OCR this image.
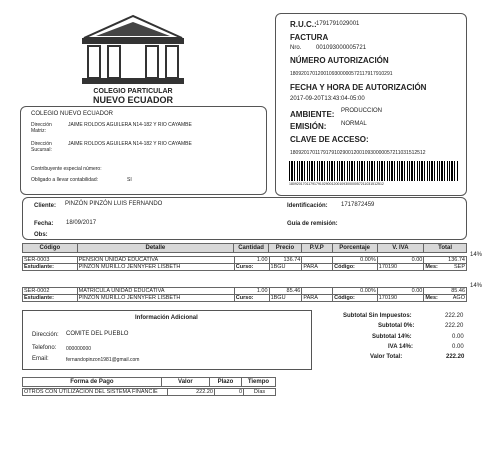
COLEGIO PARTICULAR
NUEVO ECUADOR
R.U.C.: 1791791029001
FACTURA
Nro. 001093000005721
NÚMERO AUTORIZACIÓN
1809201701200109300000572117917910291
FECHA Y HORA DE AUTORIZACIÓN
2017-09-20T13:43:04-05:00
AMBIENTE: PRODUCCION
EMISIÓN: NORMAL
CLAVE DE ACCESO:
1809201701179179102900120010930000057211031512512
1809201701179179102900120010930000057211031512512
COLEGIO NUEVO ECUADOR
Dirección
Matriz:
JAIME ROLDOS AGUILERA N14-182 Y RIO CAYAMBE
Dirección
Sucursal:
JAIME ROLDOS AGUILERA N14-182 Y RIO CAYAMBE
Contribuyente especial número:
Obligado a llevar contabilidad:	SI
Cliente: PINZÓN PINZÓN LUIS FERNANDO	Identificación: 1717872459
Fecha: 18/09/2017	Guía de remisión:
Obs:
Código	Detalle	Cantidad	Precio	P.V.P	Porcentaje	V. IVA	Total
SER-0003	PENSION UNIDAD EDUCATIVA	1.00	136.74		0.00%	0.00	136.74
Estudiante:	PINZÓN MURILLO JENNYFER LISBETH	Curso:	1BGU	PARA	Código:	170190	Mes: SEP
14%
SER-0002	MATRICULA UNIDAD EDUCATIVA	1.00	85.46		0.00%	0.00	85.46
Estudiante:	PINZÓN MURILLO JENNYFER LISBETH	Curso:	1BGU	PARA	Código:	170190	Mes: AGO
14%
Información Adicional
Dirección: COMITE DEL PUEBLO
Telefono: 000000000
Email:	fernandopinzon1981@gmail.com
Subtotal Sin Impuestos:	222.20
Subtotal 0%:	222.20
Subtotal 14%:	0.00
IVA 14%:	0.00
Valor Total:	222.20
Forma de Pago	Valor	Plazo	Tiempo
OTROS CON UTILIZACION DEL SISTEMA FINANCIE	222.20	0	Días
